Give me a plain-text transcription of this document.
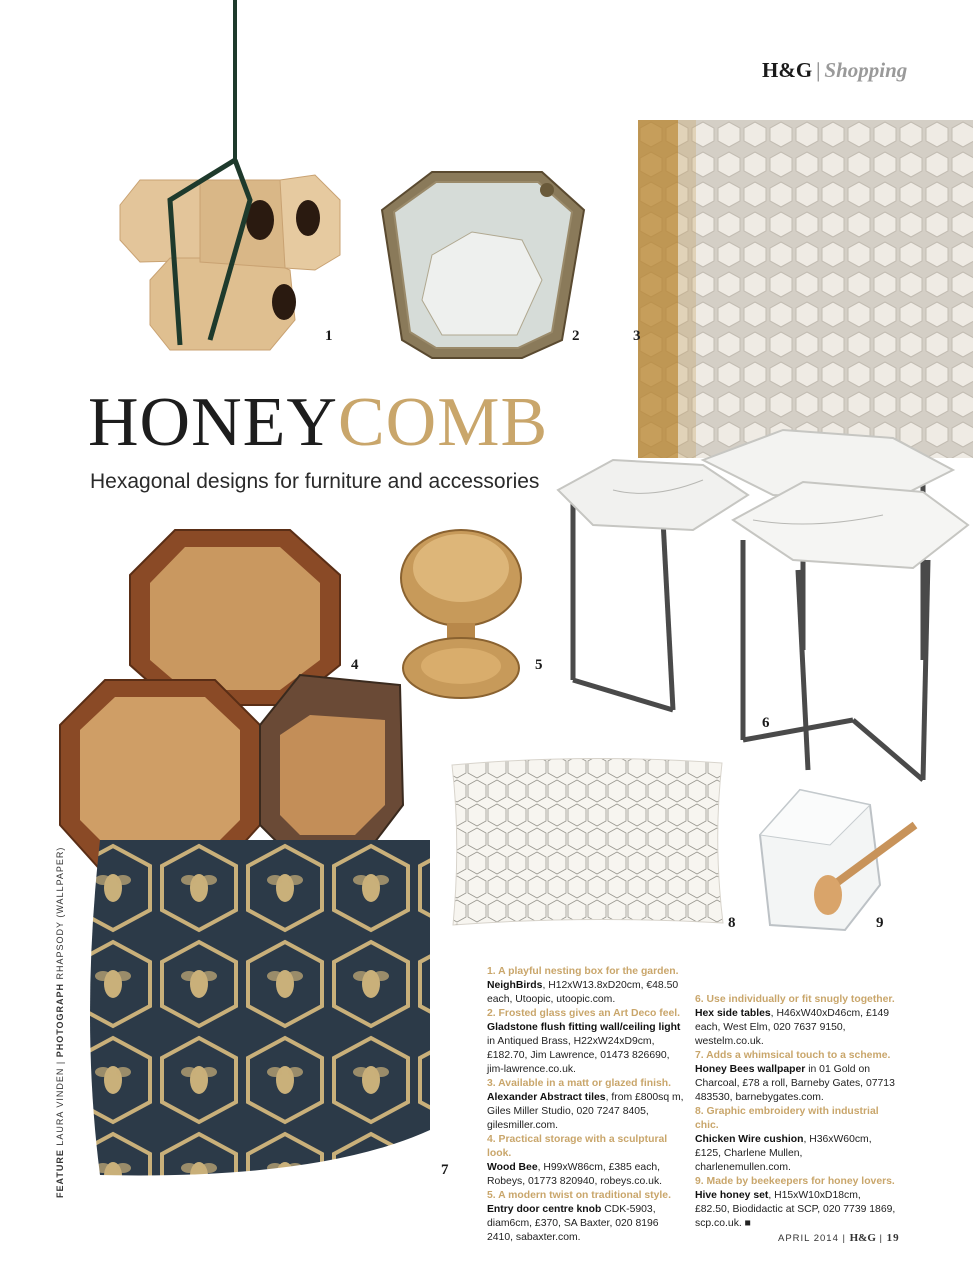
H&G | Shopping
1	2	3
HONEYCOMB
Hexagonal designs for furniture and accessories
6
4	5
8	9
7
1. A playful nesting box for the garden.
NeighBirds, H12xW13.8xD20cm, €48.50 each, Utoopic, utoopic.com.
2. Frosted glass gives an Art Deco feel.
Gladstone flush fitting wall/ceiling light in Antiqued Brass, H22xW24xD9cm, £182.70, Jim Lawrence, 01473 826690, jim-lawrence.co.uk.
3. Available in a matt or glazed finish.
Alexander Abstract tiles, from £800sq m, Giles Miller Studio, 020 7247 8405, gilesmiller.com.
4. Practical storage with a sculptural look.
Wood Bee, H99xW86cm, £385 each, Robeys, 01773 820940, robeys.co.uk.
5. A modern twist on traditional style.
Entry door centre knob CDK-5903, diam6cm, £370, SA Baxter, 020 8196 2410, sabaxter.com.
6. Use individually or fit snugly together.
Hex side tables, H46xW40xD46cm, £149 each, West Elm, 020 7637 9150, westelm.co.uk.
7. Adds a whimsical touch to a scheme.
Honey Bees wallpaper in 01 Gold on Charcoal, £78 a roll, Barneby Gates, 07713 483530, barnebygates.com.
8. Graphic embroidery with industrial chic.
Chicken Wire cushion, H36xW60cm, £125, Charlene Mullen, charlenemullen.com.
9. Made by beekeepers for honey lovers.
Hive honey set, H15xW10xD18cm, £82.50, Biodidactic at SCP, 020 7739 1869, scp.co.uk. ■
FEATURE LAURA VINDEN | PHOTOGRAPH RHAPSODY (WALLPAPER)
APRIL 2014 | H&G | 19
